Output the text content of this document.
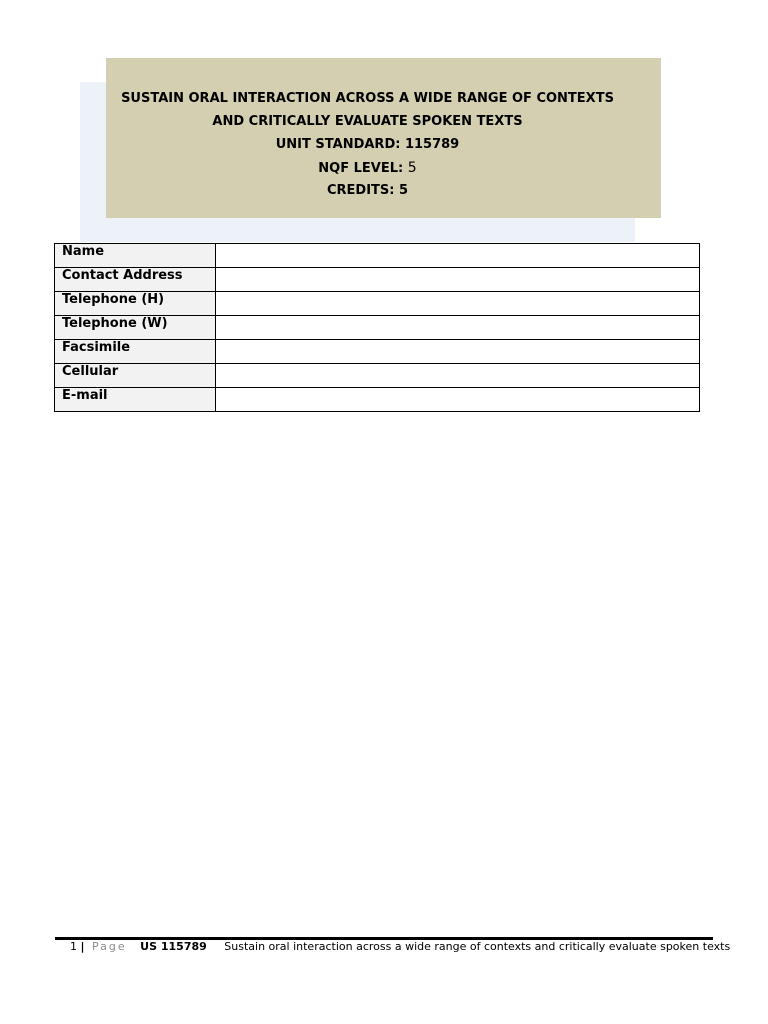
SUSTAIN ORAL INTERACTION ACROSS A WIDE RANGE OF CONTEXTS
AND CRITICALLY EVALUATE SPOKEN TEXTS
UNIT STANDARD: 115789
NQF LEVEL: 5
CREDITS: 5
Name	
Contact Address	
Telephone (H)	
Telephone (W)	
Facsimile	
Cellular	
E-mail	
1 | Page US 115789 Sustain oral interaction across a wide range of contexts and critically evaluate spoken texts
